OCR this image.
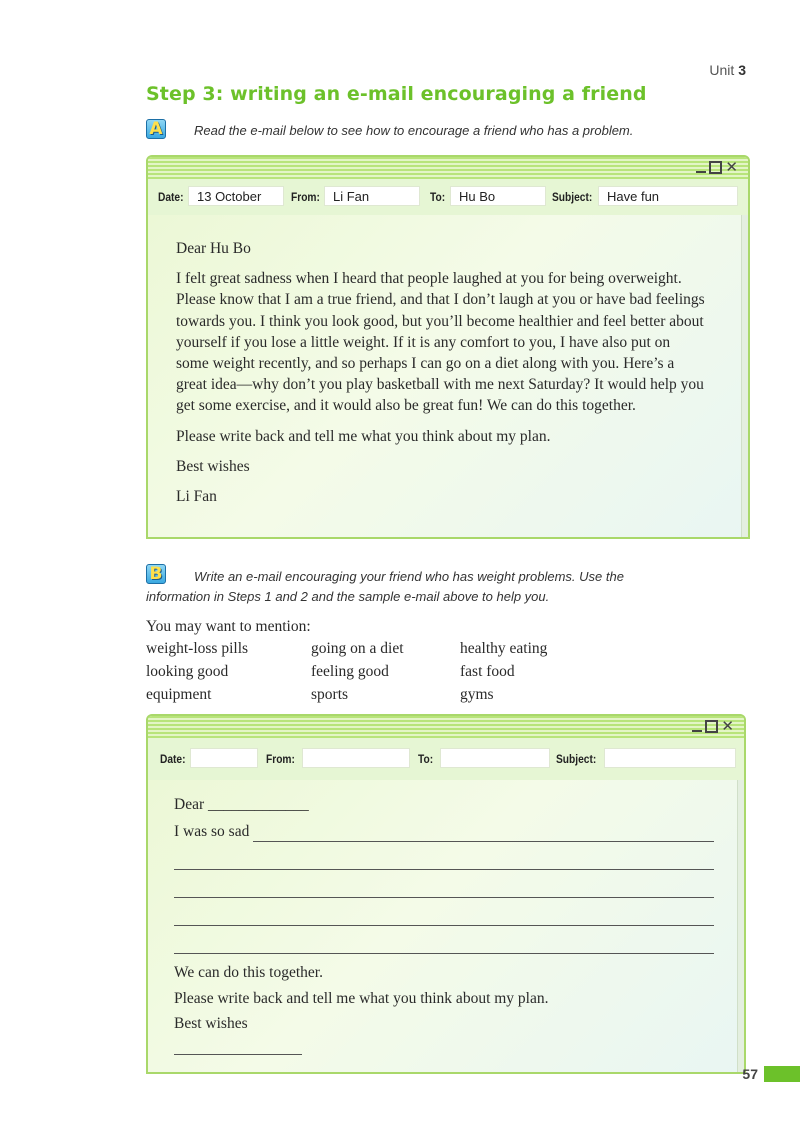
Unit 3
Step 3: writing an e-mail encouraging a friend
A Read the e-mail below to see how to encourage a friend who has a problem.
✕
Date:	13 October	From:	Li Fan	To:	Hu Bo	Subject:	Have fun

Dear Hu Bo

I felt great sadness when I heard that people laughed at you for being overweight. Please know that I am a true friend, and that I don’t laugh at you or have bad feelings towards you. I think you look good, but you’ll become healthier and feel better about yourself if you lose a little weight. If it is any comfort to you, I have also put on some weight recently, and so perhaps I can go on a diet along with you. Here’s a great idea—why don’t you play basketball with me next Saturday? It would help you get some exercise, and it would also be great fun! We can do this together.

Please write back and tell me what you think about my plan.

Best wishes

Li Fan

B Write an e-mail encouraging your friend who has weight problems. Use the
information in Steps 1 and 2 and the sample e-mail above to help you.
You may want to mention:
weight-loss pills	going on a diet	healthy eating
looking good	feeling good	fast food
equipment	sports	gyms
✕
Date:	From:	To:	Subject:

Dear _____________

I was so sad

We can do this together.

Please write back and tell me what you think about my plan.

Best wishes

57
